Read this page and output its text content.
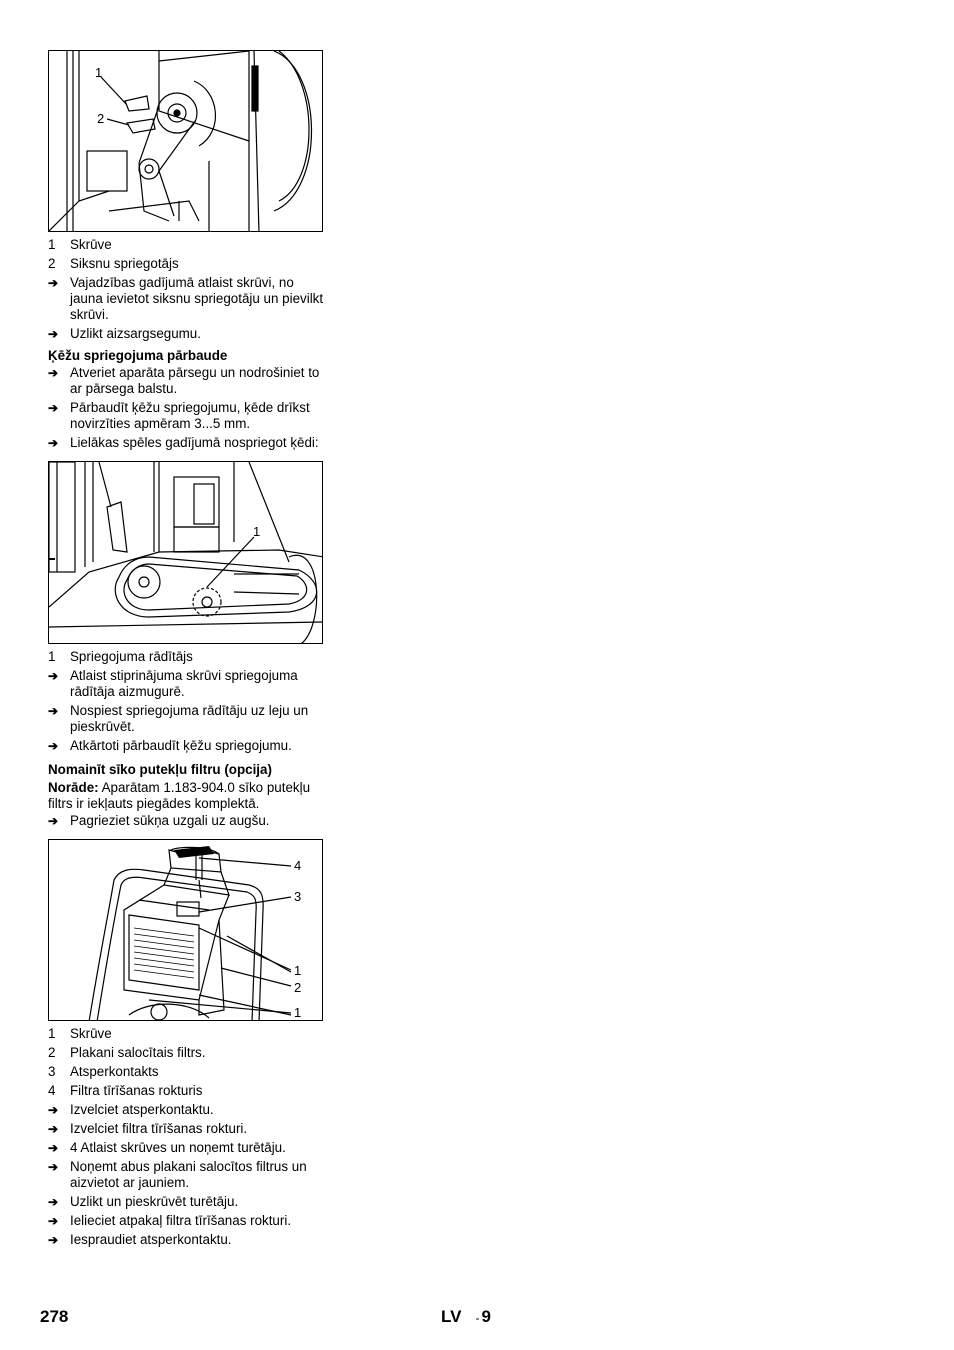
1
2
1	Skrūve
2	Siksnu spriegotājs
➔ Vajadzības gadījumā atlaist skrūvi, no jauna ievietot siksnu spriegotāju un pievilkt skrūvi.
➔ Uzlikt aizsargsegumu.
Ķēžu spriegojuma pārbaude
➔ Atveriet aparāta pārsegu un nodrošiniet to ar pārsega balstu.
➔ Pārbaudīt ķēžu spriegojumu, ķēde drīkst novirzīties apmēram 3...5 mm.
➔ Lielākas spēles gadījumā nospriegot ķēdi:
1
1	Spriegojuma rādītājs
➔ Atlaist stiprinājuma skrūvi spriegojuma rādītāja aizmugurē.
➔ Nospiest spriegojuma rādītāju uz leju un pieskrūvēt.
➔ Atkārtoti pārbaudīt ķēžu spriegojumu.
Nomainīt sīko putekļu filtru (opcija)

Norāde: Aparātam 1.183-904.0 sīko putekļu filtrs ir iekļauts piegādes komplektā.

➔ Pagrieziet sūkņa uzgali uz augšu.
4
3
1
2
1
1	Skrūve
2	Plakani salocītais filtrs.
3	Atsperkontakts
4	Filtra tīrīšanas rokturis
➔ Izvelciet atsperkontaktu.
➔ Izvelciet filtra tīrīšanas rokturi.
➔ 4 Atlaist skrūves un noņemt turētāju.
➔ Noņemt abus plakani salocītos filtrus un aizvietot ar jauniem.
➔ Uzlikt un pieskrūvēt turētāju.
➔ Ielieciet atpakaļ filtra tīrīšanas rokturi.
➔ Iespraudiet atsperkontaktu.
278	LV - 9
